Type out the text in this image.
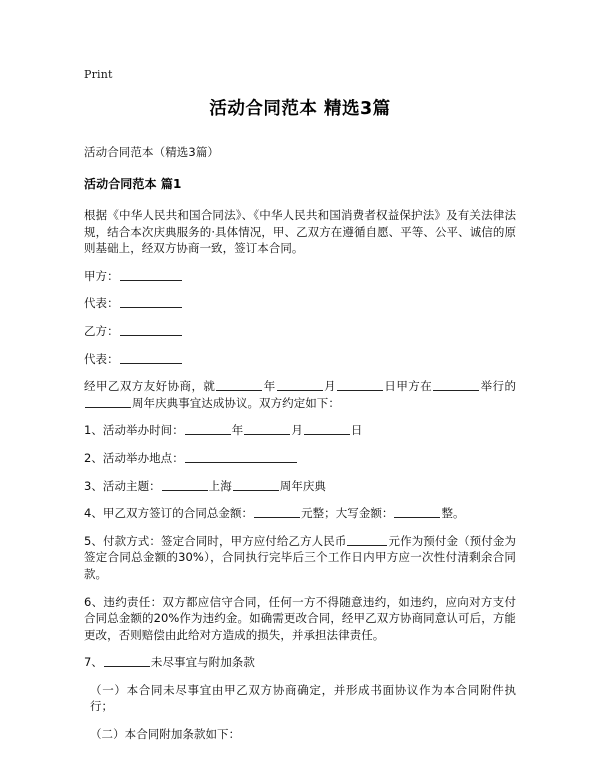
Print
活动合同范本 精选3篇
活动合同范本（精选3篇）
活动合同范本 篇1

根据《中华人民共和国合同法》、《中华人民共和国消费者权益保护法》及有关法律法规，结合本次庆典服务的·具体情况，甲、乙双方在遵循自愿、平等、公平、诚信的原则基础上，经双方协商一致，签订本合同。

甲方：

代表：

乙方：

代表：

经甲乙双方友好协商，就	年	月	日甲方在	举行的周年庆典事宜达成协议。双方约定如下：

1、活动举办时间：	年	月	日

2、活动举办地点：

3、活动主题：	上海	周年庆典

4、甲乙双方签订的合同总金额：	元整；大写金额：	整。

5、付款方式：签定合同时，甲方应付给乙方人民币	元作为预付金（预付金为签定合同总金额的30%），合同执行完毕后三个工作日内甲方应一次性付清剩余合同款。

6、违约责任：双方都应信守合同，任何一方不得随意违约，如违约，应向对方支付合同总金额的20%作为违约金。如确需更改合同，经甲乙双方协商同意认可后，方能更改，否则赔偿由此给对方造成的损失，并承担法律责任。

7、	未尽事宜与附加条款

（一）本合同未尽事宜由甲乙双方协商确定，并形成书面协议作为本合同附件执行；

（二）本合同附加条款如下：
